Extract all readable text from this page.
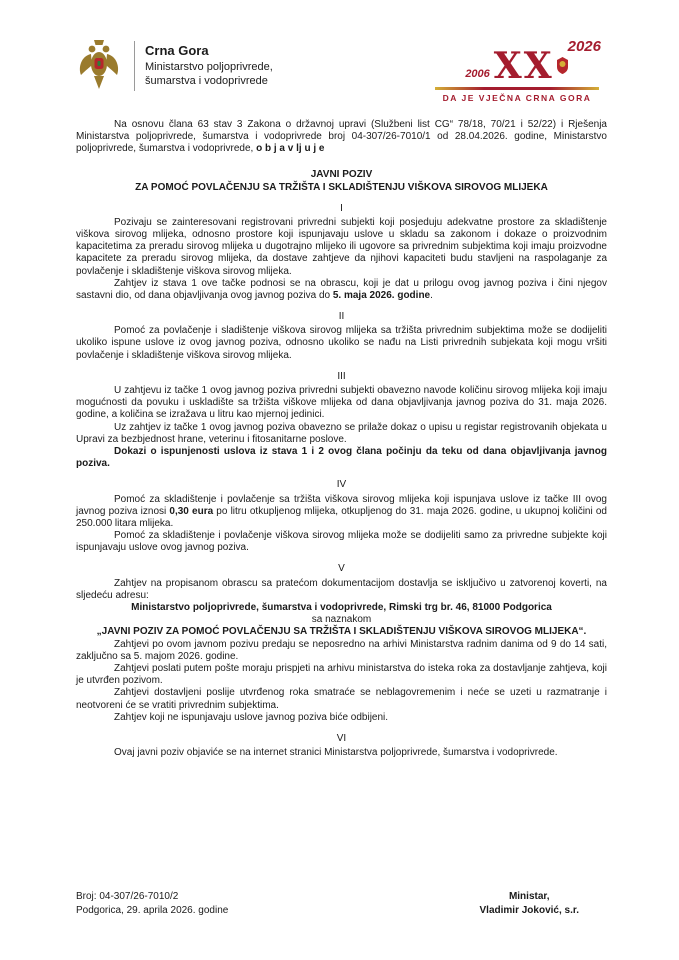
Crna Gora
Ministarstvo poljoprivrede,
šumarstva i vodoprivrede
2006 XX 2026
DA JE VJEČNA CRNA GORA

Na osnovu člana 63 stav 3 Zakona o državnoj upravi (Službeni list CG“ 78/18, 70/21 i 52/22) i Rješenja Ministarstva poljoprivrede, šumarstva i vodoprivrede broj 04-307/26-7010/1 od 28.04.2026. godine, Ministarstvo poljoprivrede, šumarstva i vodoprivrede, o b j a v lj u j e

JAVNI POZIV
ZA POMOĆ POVLAČENJU SA TRŽIŠTA I SKLADIŠTENJU VIŠKOVA SIROVOG MLIJEKA
I

Pozivaju se zainteresovani registrovani privredni subjekti koji posjeduju adekvatne prostore za skladištenje viškova sirovog mlijeka, odnosno prostore koji ispunjavaju uslove u skladu sa zakonom i dokaze o proizvodnim kapacitetima za preradu sirovog mlijeka u dugotrajno mlijeko ili ugovore sa privrednim subjektima koji imaju proizvodne kapacitete za preradu sirovog mlijeka, da dostave zahtjeve da njihovi kapaciteti budu stavljeni na raspolaganje za povlačenje i skladištenje viškova sirovog mlijeka.

Zahtjev iz stava 1 ove tačke podnosi se na obrascu, koji je dat u prilogu ovog javnog poziva i čini njegov sastavni dio, od dana objavljivanja ovog javnog poziva do 5. maja 2026. godine.

II

Pomoć za povlačenje i sladištenje viškova sirovog mlijeka sa tržišta privrednim subjektima može se dodijeliti ukoliko ispune uslove iz ovog javnog poziva, odnosno ukoliko se nađu na Listi privrednih subjekata koji mogu vršiti povlačenje i skladištenje viškova sirovog mlijeka.

III

U zahtjevu iz tačke 1 ovog javnog poziva privredni subjekti obavezno navode količinu sirovog mlijeka koji imaju mogućnosti da povuku i uskladište sa tržišta viškove mlijeka od dana objavljivanja javnog poziva do 31. maja 2026. godine, a količina se izražava u litru kao mjernoj jedinici.

Uz zahtjev iz tačke 1 ovog javnog poziva obavezno se prilaže dokaz o upisu u registar registrovanih objekata u Upravi za bezbjednost hrane, veterinu i fitosanitarne poslove.

Dokazi o ispunjenosti uslova iz stava 1 i 2 ovog člana počinju da teku od dana objavljivanja javnog poziva.

IV

Pomoć za skladištenje i povlačenje sa tržišta viškova sirovog mlijeka koji ispunjava uslove iz tačke III ovog javnog poziva iznosi 0,30 eura po litru otkupljenog mlijeka, otkupljenog do 31. maja 2026. godine, u ukupnoj količini od 250.000 litara mlijeka.

Pomoć za skladištenje i povlačenje viškova sirovog mlijeka može se dodijeliti samo za privredne subjekte koji ispunjavaju uslove ovog javnog poziva.

V

Zahtjev na propisanom obrascu sa pratećom dokumentacijom dostavlja se isključivo u zatvorenoj koverti, na sljedeću adresu:

Ministarstvo poljoprivrede, šumarstva i vodoprivrede, Rimski trg br. 46, 81000 Podgorica

sa naznakom

„JAVNI POZIV ZA POMOĆ POVLAČENJU SA TRŽIŠTA I SKLADIŠTENJU VIŠKOVA SIROVOG MLIJEKA“.

Zahtjevi po ovom javnom pozivu predaju se neposredno na arhivi Ministarstva radnim danima od 9 do 14 sati, zaključno sa 5. majom 2026. godine.

Zahtjevi poslati putem pošte moraju prispjeti na arhivu ministarstva do isteka roka za dostavljanje zahtjeva, koji je utvrđen pozivom.

Zahtjevi dostavljeni poslije utvrđenog roka smatraće se neblagovremenim i neće se uzeti u razmatranje i neotvoreni će se vratiti privrednim subjektima.

Zahtjev koji ne ispunjavaju uslove javnog poziva biće odbijeni.

VI

Ovaj javni poziv objaviće se na internet stranici Ministarstva poljoprivrede, šumarstva i vodoprivrede.

Broj: 04-307/26-7010/2
Podgorica, 29. aprila 2026. godine
Ministar,
Vladimir Joković, s.r.
